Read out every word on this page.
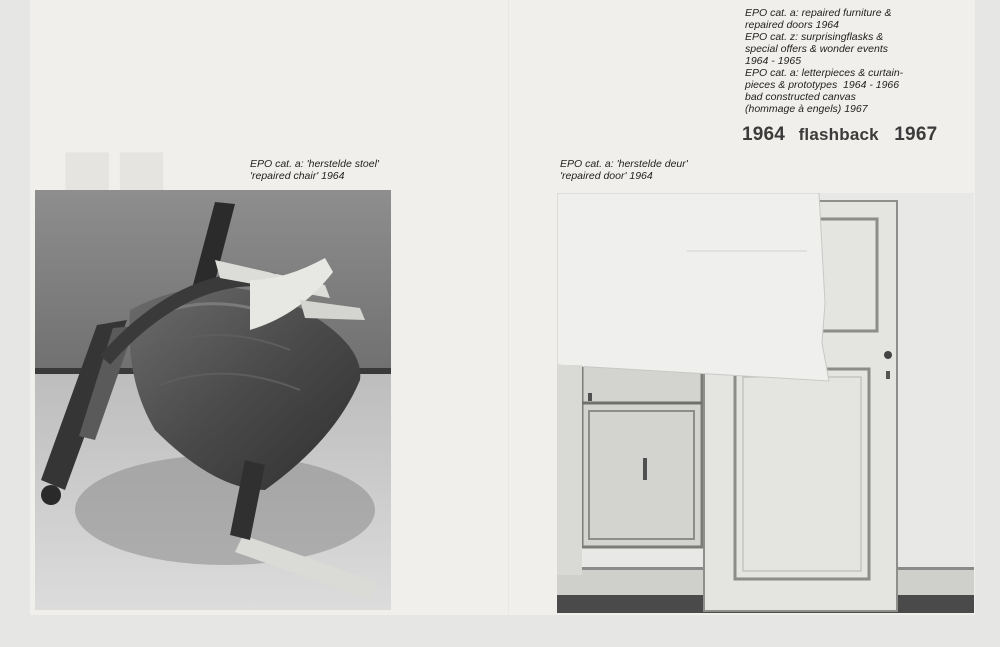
EPO cat. a: repaired furniture &
repaired doors 1964
EPO cat. z: surprisingflasks &
special offers & wonder events
1964 - 1965
EPO cat. a: letterpieces & curtain-
pieces & prototypes  1964 - 1966
bad constructed canvas
(hommage à engels) 1967
1964 flashback 1967
EPO cat. a: 'herstelde stoel'
'repaired chair' 1964
EPO cat. a: 'herstelde deur'
'repaired door' 1964
